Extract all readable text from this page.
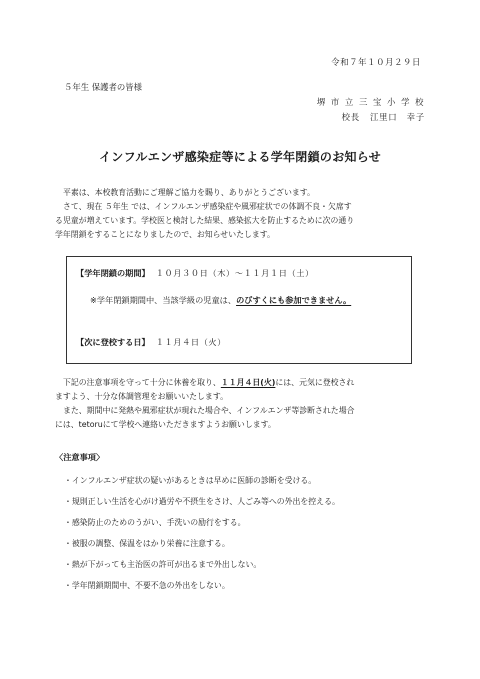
令和７年１０月２９日
５年生 保護者の皆様
堺 市 立 三 宝 小 学 校
校長 江里口　幸子
インフルエンザ感染症等による学年閉鎖のお知らせ
平素は、本校教育活動にご理解ご協力を賜り、ありがとうございます。
さて、現在 ５年生 では、インフルエンザ感染症や風邪症状での体調不良・欠席す
る児童が増えています。学校医と検討した結果、感染拡大を防止するために次の通り
学年閉鎖をすることになりましたので、お知らせいたします。
【学年閉鎖の期間】 １０月３０日（木）～１１月１日（土）
※学年閉鎖期間中、当該学級の児童は、のびすくにも参加できません。
【次に登校する日】 １１月４日（火）
下記の注意事項を守って十分に休養を取り、１１月４日(火)には、元気に登校され
ますよう、十分な体調管理をお願いいたします。
また、期間中に発熱や風邪症状が現れた場合や、インフルエンザ等診断された場合
には、tetoruにて学校へ連絡いただきますようお願いします。
〈注意事項〉
・インフルエンザ症状の疑いがあるときは早めに医師の診断を受ける。
・規則正しい生活を心がけ過労や不摂生をさけ、人ごみ等への外出を控える。
・感染防止のためのうがい、手洗いの励行をする。
・被服の調整、保温をはかり栄養に注意する。
・熱が下がっても主治医の許可が出るまで外出しない。
・学年閉鎖期間中、不要不急の外出をしない。
